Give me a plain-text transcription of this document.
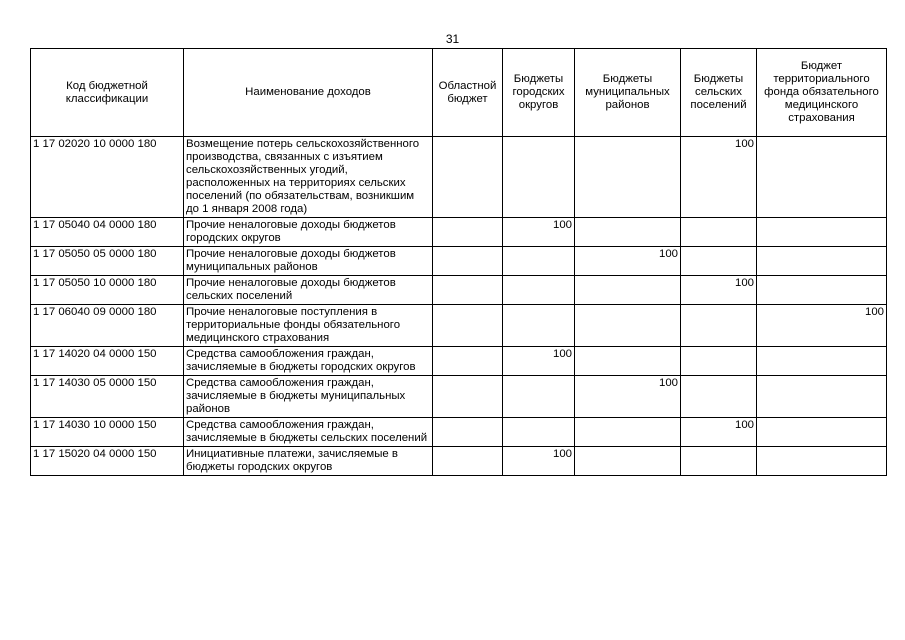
31
Код бюджетной классификации	Наименование доходов	Областной бюджет	Бюджеты городских округов	Бюджеты муниципальных районов	Бюджеты сельских поселений	Бюджет территориального фонда обязательного медицинского страхования
1 17 02020 10 0000 180	Возмещение потерь сельскохозяйственного производства, связанных с изъятием сельскохозяйственных угодий, расположенных на территориях сельских поселений (по обязательствам, возникшим до 1 января 2008 года)				100	
1 17 05040 04 0000 180	Прочие неналоговые доходы бюджетов городских округов		100			
1 17 05050 05 0000 180	Прочие неналоговые доходы бюджетов муниципальных районов			100		
1 17 05050 10 0000 180	Прочие неналоговые доходы бюджетов сельских поселений				100	
1 17 06040 09 0000 180	Прочие неналоговые поступления в территориальные фонды обязательного медицинского страхования					100
1 17 14020 04 0000 150	Средства самообложения граждан, зачисляемые в бюджеты городских округов		100			
1 17 14030 05 0000 150	Средства самообложения граждан, зачисляемые в бюджеты муниципальных районов			100		
1 17 14030 10 0000 150	Средства самообложения граждан, зачисляемые в бюджеты сельских поселений				100	
1 17 15020 04 0000 150	Инициативные платежи, зачисляемые в бюджеты городских округов		100			
